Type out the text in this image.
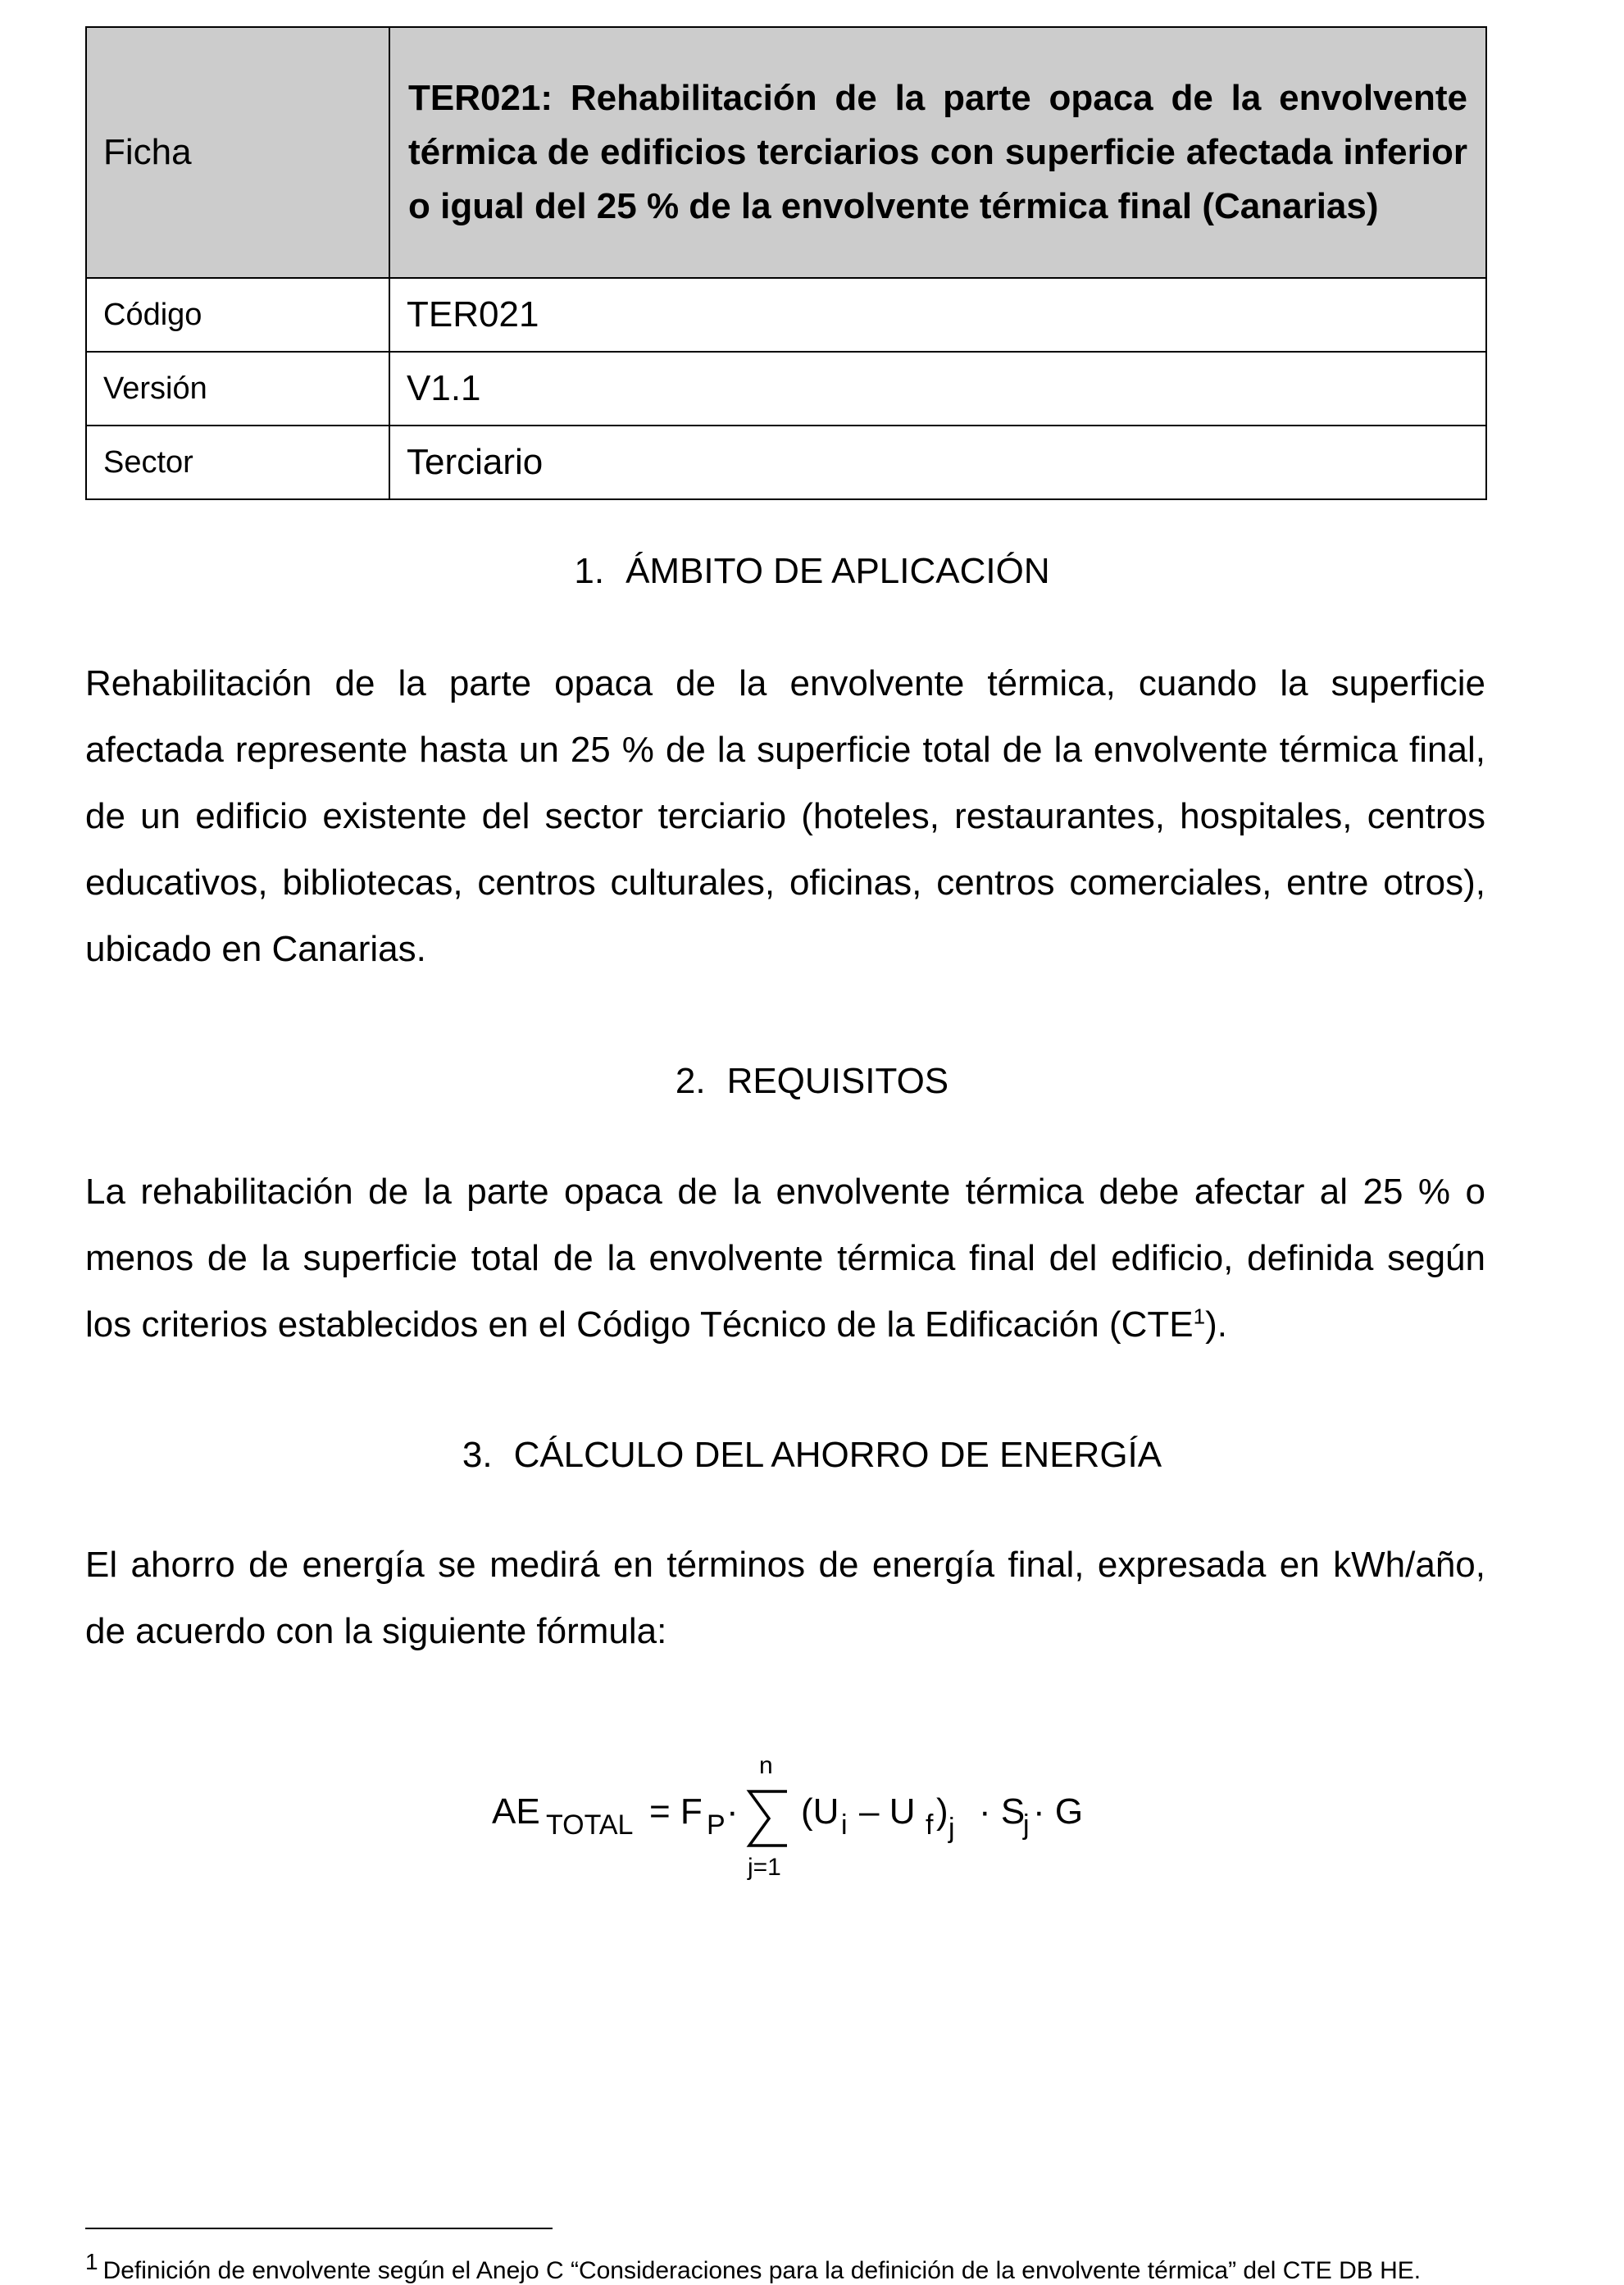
Ficha	TER021: Rehabilitación de la parte opaca de la envolvente térmica de edificios terciarios con superficie afectada inferior o igual del 25 % de la envolvente térmica final (Canarias)
Código	TER021
Versión	V1.1
Sector	Terciario
1. ÁMBITO DE APLICACIÓN

Rehabilitación de la parte opaca de la envolvente térmica, cuando la superficie afectada represente hasta un 25 % de la superficie total de la envolvente térmica final, de un edificio existente del sector terciario (hoteles, restaurantes, hospitales, centros educativos, bibliotecas, centros culturales, oficinas, centros comerciales, entre otros), ubicado en Canarias.

2. REQUISITOS

La rehabilitación de la parte opaca de la envolvente térmica debe afectar al 25 % o menos de la superficie total de la envolvente térmica final del edificio, definida según los criterios establecidos en el Código Técnico de la Edificación (CTE$^1$).

3. CÁLCULO DEL AHORRO DE ENERGÍA

El ahorro de energía se medirá en términos de energía final, expresada en kWh/año, de acuerdo con la siguiente fórmula:

AE TOTAL = F P ·
n
j=1
(U i – U f ) j · S
j · G
1 Definición de envolvente según el Anejo C “Consideraciones para la definición de la envolvente térmica” del CTE DB HE.
